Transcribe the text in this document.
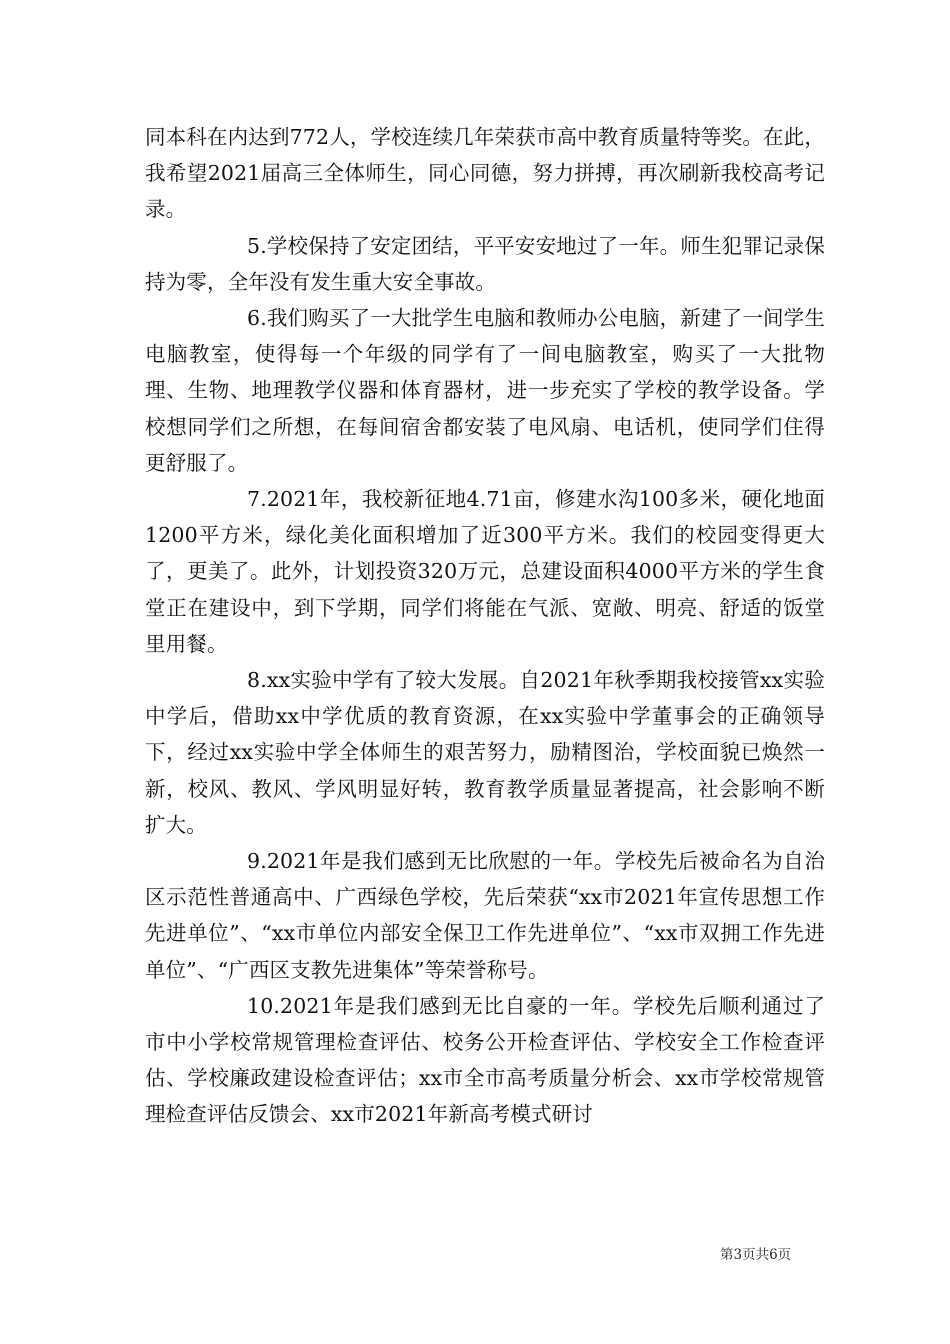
同本科在内达到772人，学校连续几年荣获市高中教育质量特等奖。在此，我希望2021届高三全体师生，同心同德，努力拼搏，再次刷新我校高考记录。

5.学校保持了安定团结，平平安安地过了一年。师生犯罪记录保持为零，全年没有发生重大安全事故。

6.我们购买了一大批学生电脑和教师办公电脑，新建了一间学生电脑教室，使得每一个年级的同学有了一间电脑教室，购买了一大批物理、生物、地理教学仪器和体育器材，进一步充实了学校的教学设备。学校想同学们之所想，在每间宿舍都安装了电风扇、电话机，使同学们住得更舒服了。

7.2021年，我校新征地4.71亩，修建水沟100多米，硬化地面1200平方米，绿化美化面积增加了近300平方米。我们的校园变得更大了，更美了。此外，计划投资320万元，总建设面积4000平方米的学生食堂正在建设中，到下学期，同学们将能在气派、宽敞、明亮、舒适的饭堂里用餐。

8.xx实验中学有了较大发展。自2021年秋季期我校接管xx实验中学后，借助xx中学优质的教育资源，在xx实验中学董事会的正确领导下，经过xx实验中学全体师生的艰苦努力，励精图治，学校面貌已焕然一新，校风、教风、学风明显好转，教育教学质量显著提高，社会影响不断扩大。

9.2021年是我们感到无比欣慰的一年。学校先后被命名为自治区示范性普通高中、广西绿色学校，先后荣获“xx市2021年宣传思想工作先进单位”、“xx市单位内部安全保卫工作先进单位”、“xx市双拥工作先进单位”、“广西区支教先进集体”等荣誉称号。

10.2021年是我们感到无比自豪的一年。学校先后顺利通过了市中小学校常规管理检查评估、校务公开检查评估、学校安全工作检查评估、学校廉政建设检查评估；xx市全市高考质量分析会、xx市学校常规管理检查评估反馈会、xx市2021年新高考模式研讨

第3页共6页
